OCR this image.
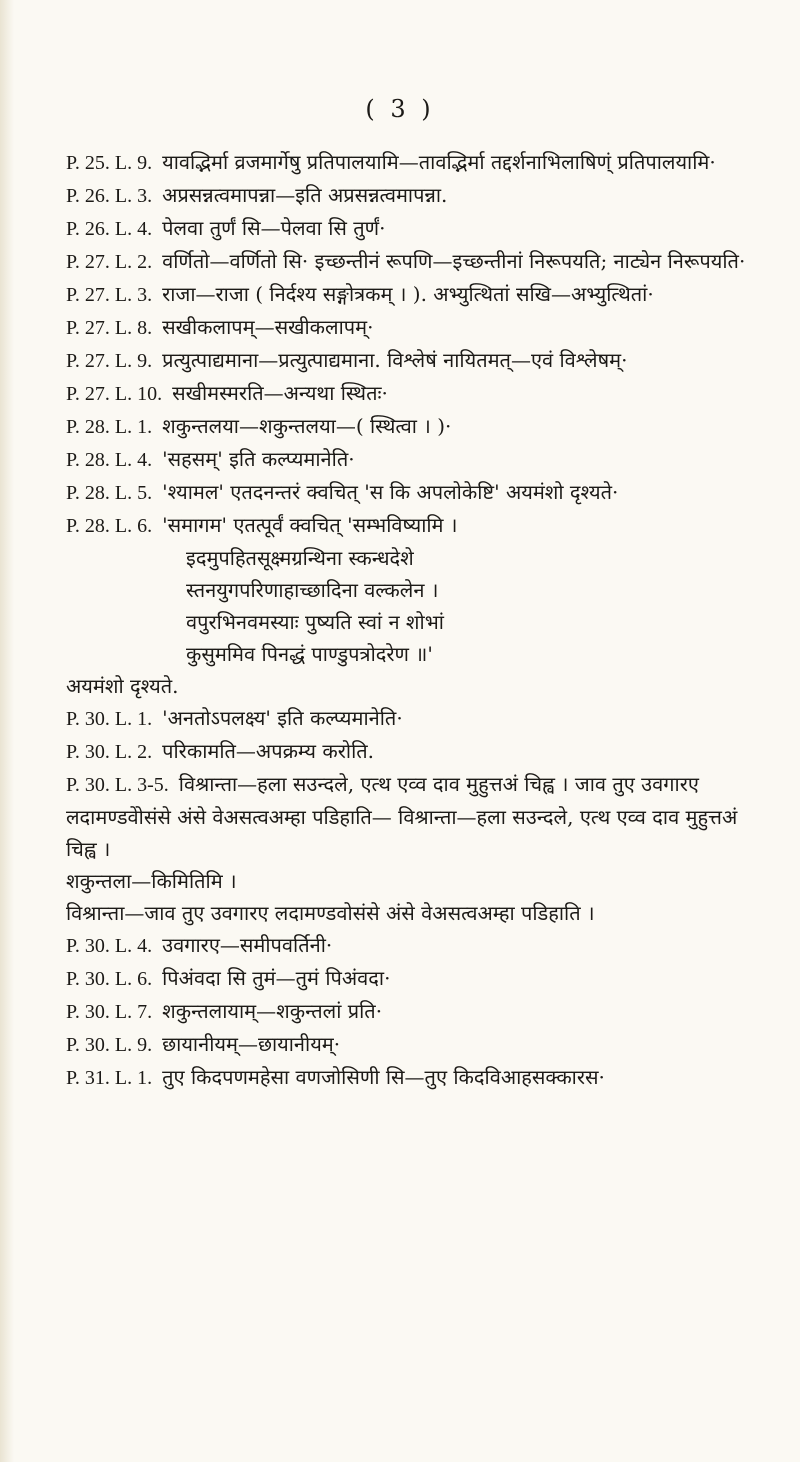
( 3 )

P. 25. L. 9. यावद्भिर्मा व्रजमार्गेषु प्रतिपालयामि—तावद्भिर्मा तद्दर्शनाभिलाषिण्ं प्रतिपालयामि·

P. 26. L. 3. अप्रसन्नत्वमापन्ना—इति अप्रसन्नत्वमापन्ना.

P. 26. L. 4. पेलवा तुर्णं सि—पेलवा सि तुर्णं·

P. 27. L. 2. वर्णितो—वर्णितो सि· इच्छन्तीनं रूपणि—इच्छन्तीनां निरूपयति; नाट्येन निरूपयति·

P. 27. L. 3. राजा—राजा ( निर्दश्य सङ्गोत्रकम् । ). अभ्युत्थितां सखि—अभ्युत्थितां·

P. 27. L. 8. सखीकलापम्—सखीकलापम्·

P. 27. L. 9. प्रत्युत्पाद्यमाना—प्रत्युत्पाद्यमाना. विश्लेषं नायितमत्—एवं विश्लेषम्·

P. 27. L. 10. सखीमस्मरति—अन्यथा स्थितः·

P. 28. L. 1. शकुन्तलया—शकुन्तलया—( स्थित्वा । )·

P. 28. L. 4. 'सहसम्' इति कल्प्यमानेति·

P. 28. L. 5. 'श्यामल' एतदनन्तरं क्वचित् 'स कि अपलोकेष्टि' अयमंशो दृश्यते·

P. 28. L. 6. 'समागम' एतत्पूर्वं क्वचित् 'सम्भविष्यामि ।

इदमुपहितसूक्ष्मग्रन्थिना स्कन्धदेशे
स्तनयुगपरिणाहाच्छादिना वल्कलेन ।
वपुरभिनवमस्याः पुष्यति स्वां न शोभां
कुसुममिव पिनद्धं पाण्डुपत्रोदरेण ॥'

अयमंशो दृश्यते.

P. 30. L. 1. 'अनतोऽपलक्ष्य' इति कल्प्यमानेति·

P. 30. L. 2. परिकामति—अपक्रम्य करोति.

P. 30. L. 3-5. विश्रान्ता—हला सउन्दले, एत्थ एव्व दाव मुहुत्तअं चिह्व । जाव तुए उवगारए लदामण्डवेोसंसे अंसे वेअसत्वअम्हा पडिहाति— विश्रान्ता—हला सउन्दले, एत्थ एव्व दाव मुहुत्तअं चिह्व ।

शकुन्तला—किमितिमि ।

विश्रान्ता—जाव तुए उवगारए लदामण्डवोसंसे अंसे वेअसत्वअम्हा पडिहाति ।

P. 30. L. 4. उवगारए—समीपवर्तिनी·

P. 30. L. 6. पिअंवदा सि तुमं—तुमं पिअंवदा·

P. 30. L. 7. शकुन्तलायाम्—शकुन्तलां प्रति·

P. 30. L. 9. छायानीयम्—छायानीयम्·

P. 31. L. 1. तुए किदपणमहेसा वणजोसिणी सि—तुए किदविआहसक्कारस·
